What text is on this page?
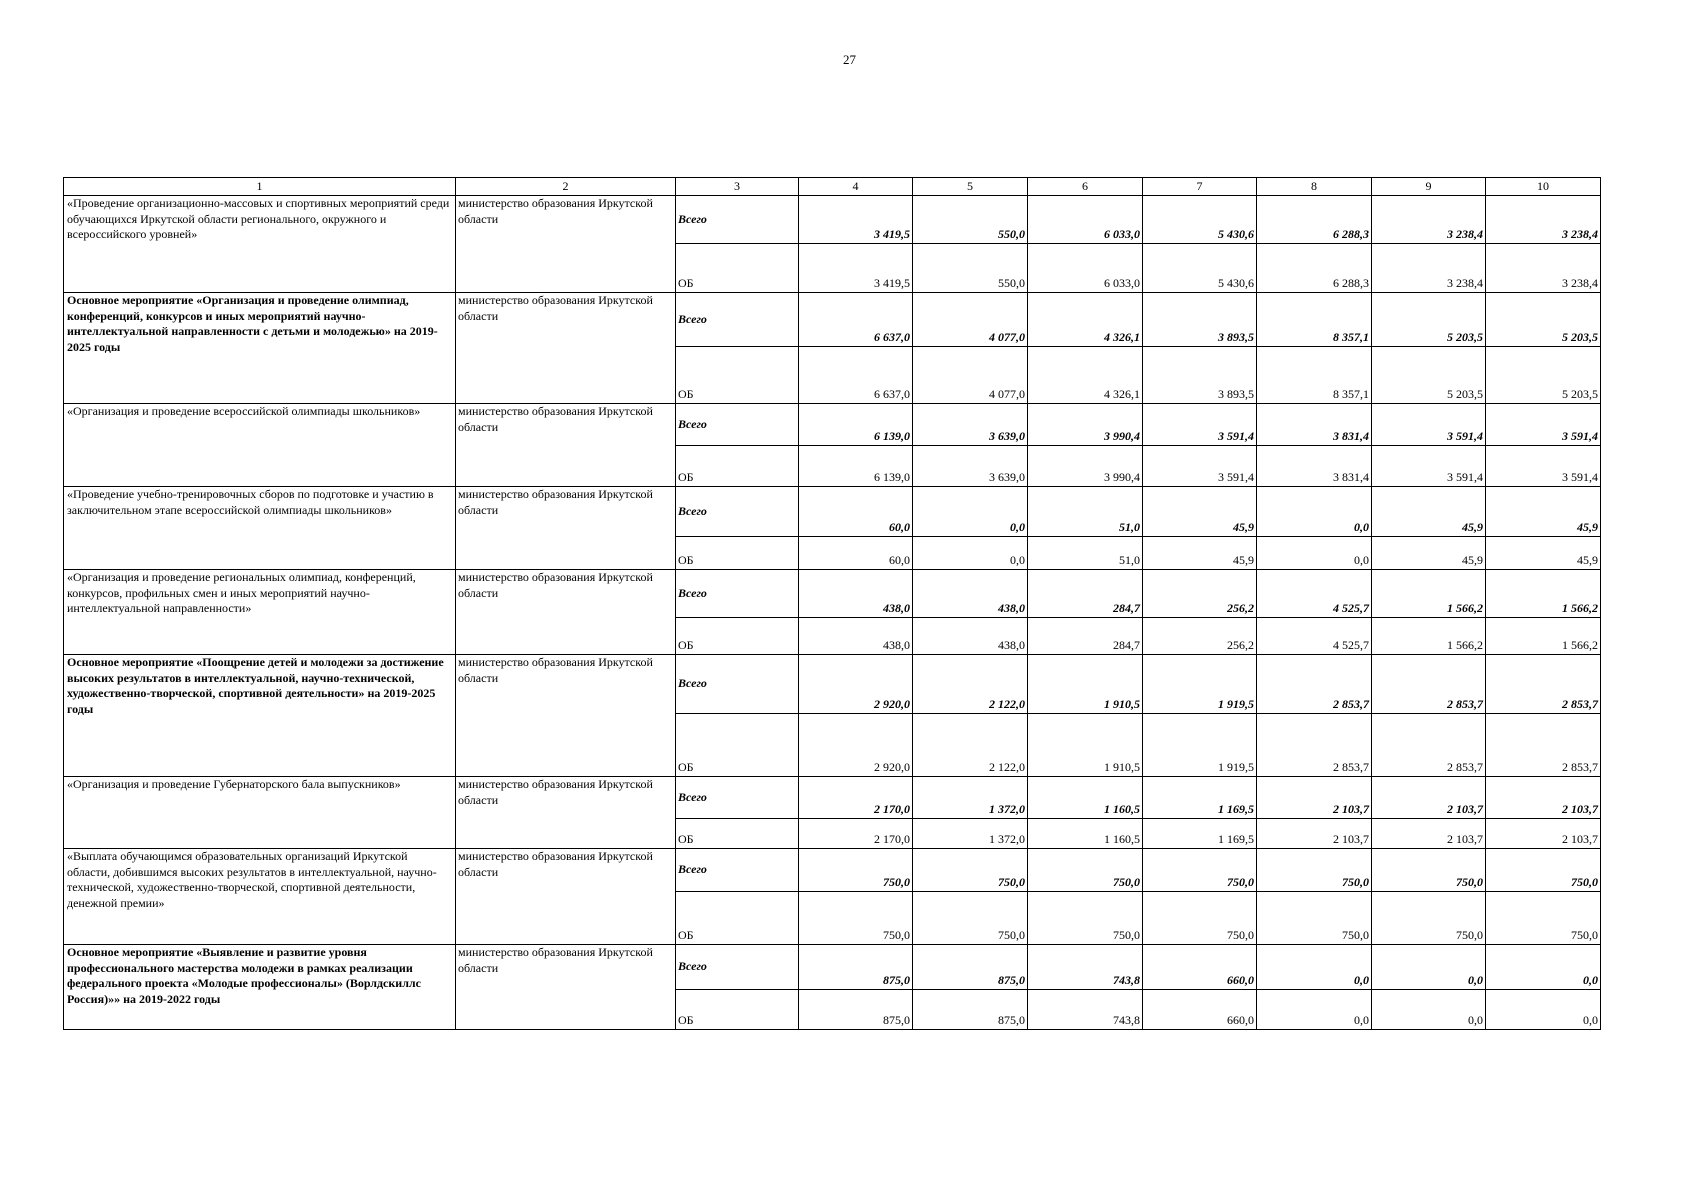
27
1	2	3	4	5	6	7	8	9	10
«Проведение организационно-массовых и спортивных мероприятий среди обучающихся Иркутской области регионального, окружного и всероссийского уровней»	министерство образования Иркутской области	Всего	3 419,5	550,0	6 033,0	5 430,6	6 288,3	3 238,4	3 238,4
		ОБ	3 419,5	550,0	6 033,0	5 430,6	6 288,3	3 238,4	3 238,4
Основное мероприятие «Организация и проведение олимпиад, конференций, конкурсов и иных мероприятий научно-интеллектуальной направленности с детьми и молодежью» на 2019-2025 годы	министерство образования Иркутской области	Всего	6 637,0	4 077,0	4 326,1	3 893,5	8 357,1	5 203,5	5 203,5
		ОБ	6 637,0	4 077,0	4 326,1	3 893,5	8 357,1	5 203,5	5 203,5
«Организация и проведение всероссийской олимпиады школьников»	министерство образования Иркутской области	Всего	6 139,0	3 639,0	3 990,4	3 591,4	3 831,4	3 591,4	3 591,4
		ОБ	6 139,0	3 639,0	3 990,4	3 591,4	3 831,4	3 591,4	3 591,4
«Проведение учебно-тренировочных сборов по подготовке и участию в заключительном этапе всероссийской олимпиады школьников»	министерство образования Иркутской области	Всего	60,0	0,0	51,0	45,9	0,0	45,9	45,9
		ОБ	60,0	0,0	51,0	45,9	0,0	45,9	45,9
«Организация и проведение региональных олимпиад, конференций, конкурсов, профильных смен и иных мероприятий научно-интеллектуальной направленности»	министерство образования Иркутской области	Всего	438,0	438,0	284,7	256,2	4 525,7	1 566,2	1 566,2
		ОБ	438,0	438,0	284,7	256,2	4 525,7	1 566,2	1 566,2
Основное мероприятие «Поощрение детей и молодежи за достижение высоких результатов в интеллектуальной, научно-технической, художественно-творческой, спортивной деятельности» на 2019-2025 годы	министерство образования Иркутской области	Всего	2 920,0	2 122,0	1 910,5	1 919,5	2 853,7	2 853,7	2 853,7
		ОБ	2 920,0	2 122,0	1 910,5	1 919,5	2 853,7	2 853,7	2 853,7
«Организация и проведение Губернаторского бала выпускников»	министерство образования Иркутской области	Всего	2 170,0	1 372,0	1 160,5	1 169,5	2 103,7	2 103,7	2 103,7
		ОБ	2 170,0	1 372,0	1 160,5	1 169,5	2 103,7	2 103,7	2 103,7
«Выплата обучающимся образовательных организаций Иркутской области, добившимся высоких результатов в интеллектуальной, научно-технической, художественно-творческой, спортивной деятельности, денежной премии»	министерство образования Иркутской области	Всего	750,0	750,0	750,0	750,0	750,0	750,0	750,0
		ОБ	750,0	750,0	750,0	750,0	750,0	750,0	750,0
Основное мероприятие «Выявление и развитие уровня профессионального мастерства молодежи в рамках реализации федерального проекта «Молодые профессионалы» (Ворлдскиллс Россия)»» на 2019-2022 годы	министерство образования Иркутской области	Всего	875,0	875,0	743,8	660,0	0,0	0,0	0,0
		ОБ	875,0	875,0	743,8	660,0	0,0	0,0	0,0
